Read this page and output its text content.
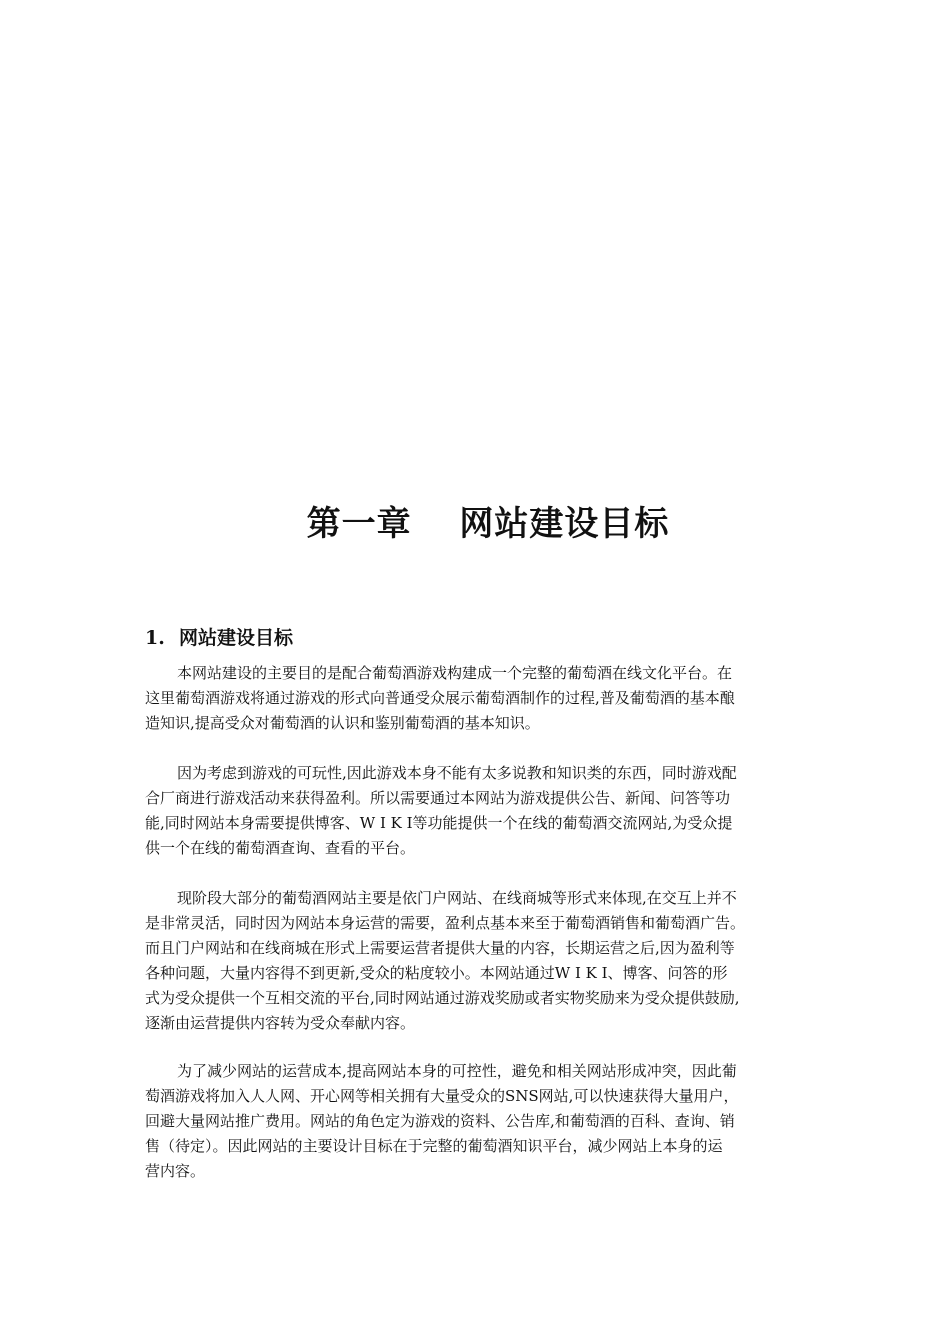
第一章　 网站建设目标
1. 网站建设目标
本网站建设的主要目的是配合葡萄酒游戏构建成一个完整的葡萄酒在线文化平台。在
这里葡萄酒游戏将通过游戏的形式向普通受众展示葡萄酒制作的过程,普及葡萄酒的基本酿
造知识,提高受众对葡萄酒的认识和鉴别葡萄酒的基本知识。
因为考虑到游戏的可玩性,因此游戏本身不能有太多说教和知识类的东西，同时游戏配
合厂商进行游戏活动来获得盈利。所以需要通过本网站为游戏提供公告、新闻、问答等功
能,同时网站本身需要提供博客、W I K I等功能提供一个在线的葡萄酒交流网站,为受众提
供一个在线的葡萄酒查询、查看的平台。
现阶段大部分的葡萄酒网站主要是依门户网站、在线商城等形式来体现,在交互上并不
是非常灵活，同时因为网站本身运营的需要，盈利点基本来至于葡萄酒销售和葡萄酒广告。
而且门户网站和在线商城在形式上需要运营者提供大量的内容，长期运营之后,因为盈利等
各种问题，大量内容得不到更新,受众的粘度较小。本网站通过W I K I、博客、问答的形
式为受众提供一个互相交流的平台,同时网站通过游戏奖励或者实物奖励来为受众提供鼓励,
逐渐由运营提供内容转为受众奉献内容。
为了减少网站的运营成本,提高网站本身的可控性，避免和相关网站形成冲突，因此葡
萄酒游戏将加入人人网、开心网等相关拥有大量受众的SNS网站,可以快速获得大量用户，
回避大量网站推广费用。网站的角色定为游戏的资料、公告库,和葡萄酒的百科、查询、销
售（待定）。因此网站的主要设计目标在于完整的葡萄酒知识平台，减少网站上本身的运
营内容。
